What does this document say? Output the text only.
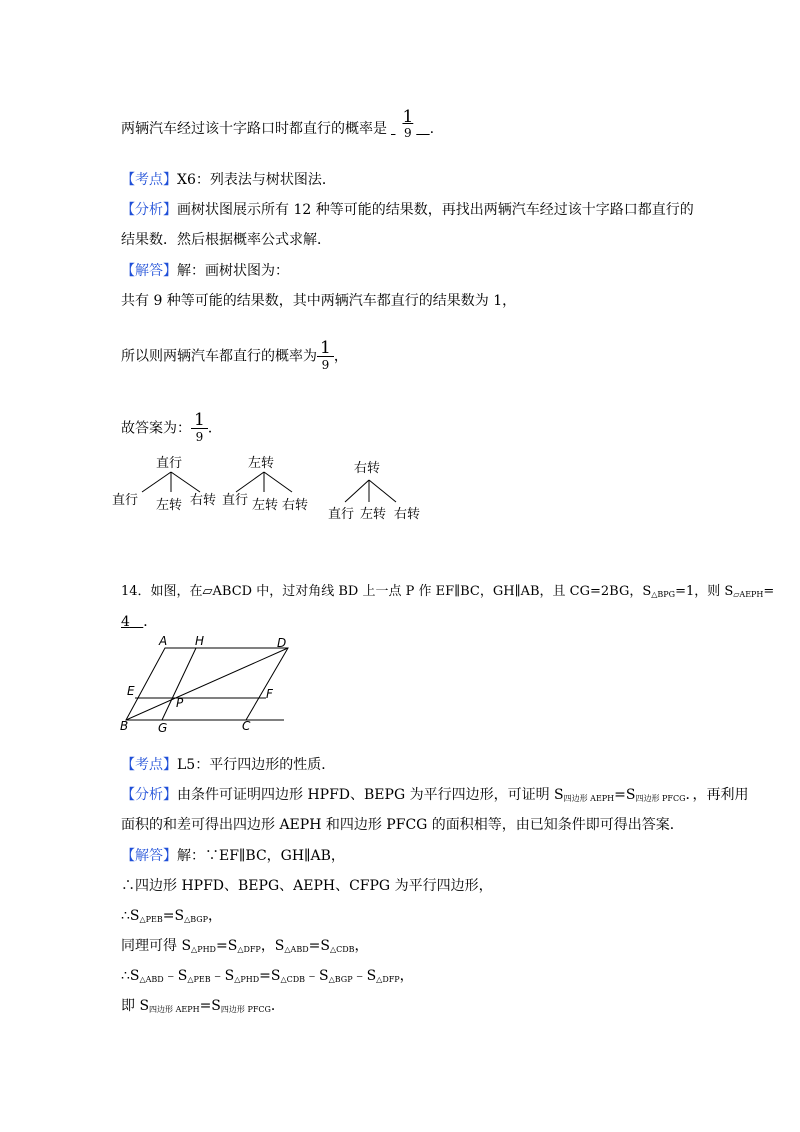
两辆汽车经过该十字路口时都直行的概率是 $\frac{1}{9}$ .
【考点】X6：列表法与树状图法．
【分析】画树状图展示所有 12 种等可能的结果数，再找出两辆汽车经过该十字路口都直行的
结果数．然后根据概率公式求解．
【解答】解：画树状图为：
共有 9 种等可能的结果数，其中两辆汽车都直行的结果数为 1，
所以则两辆汽车都直行的概率为 $\frac{1}{9}$ ，
故答案为： $\frac{1}{9}$ ．
直行
直行 左转 右转
左转
直行 左转 右转
右转
直行 左转 右转
14．如图，在▱ABCD 中，过对角线 BD 上一点 P 作 EF∥BC，GH∥AB，且 CG=2BG，$S_{\triangle BPG}=1$，则 $S_{▱AEPH}=$
4 ．
A H	D
E
P
F
B G	C
【考点】L5：平行四边形的性质．
【分析】由条件可证明四边形 HPFD、BEPG 为平行四边形，可证明 $S_{四边形 AEPH}=S_{四边形 PFCG}$．，再利用
面积的和差可得出四边形 AEPH 和四边形 PFCG 的面积相等，由已知条件即可得出答案．
【解答】解：∵EF∥BC，GH∥AB，
∴四边形 HPFD、BEPG、AEPH、CFPG 为平行四边形，
$\therefore S_{\triangle PEB}=S_{\triangle BGP}$，
同理可得 $S_{\triangle PHD}=S_{\triangle DFP}$，$S_{\triangle ABD}=S_{\triangle CDB}$，
$\therefore S_{\triangle ABD}﹣S_{\triangle PEB}﹣S_{\triangle PHD}=S_{\triangle CDB}﹣S_{\triangle BGP}﹣S_{\triangle DFP}$，
即 $S_{四边形 AEPH}=S_{四边形 PFCG}$．
